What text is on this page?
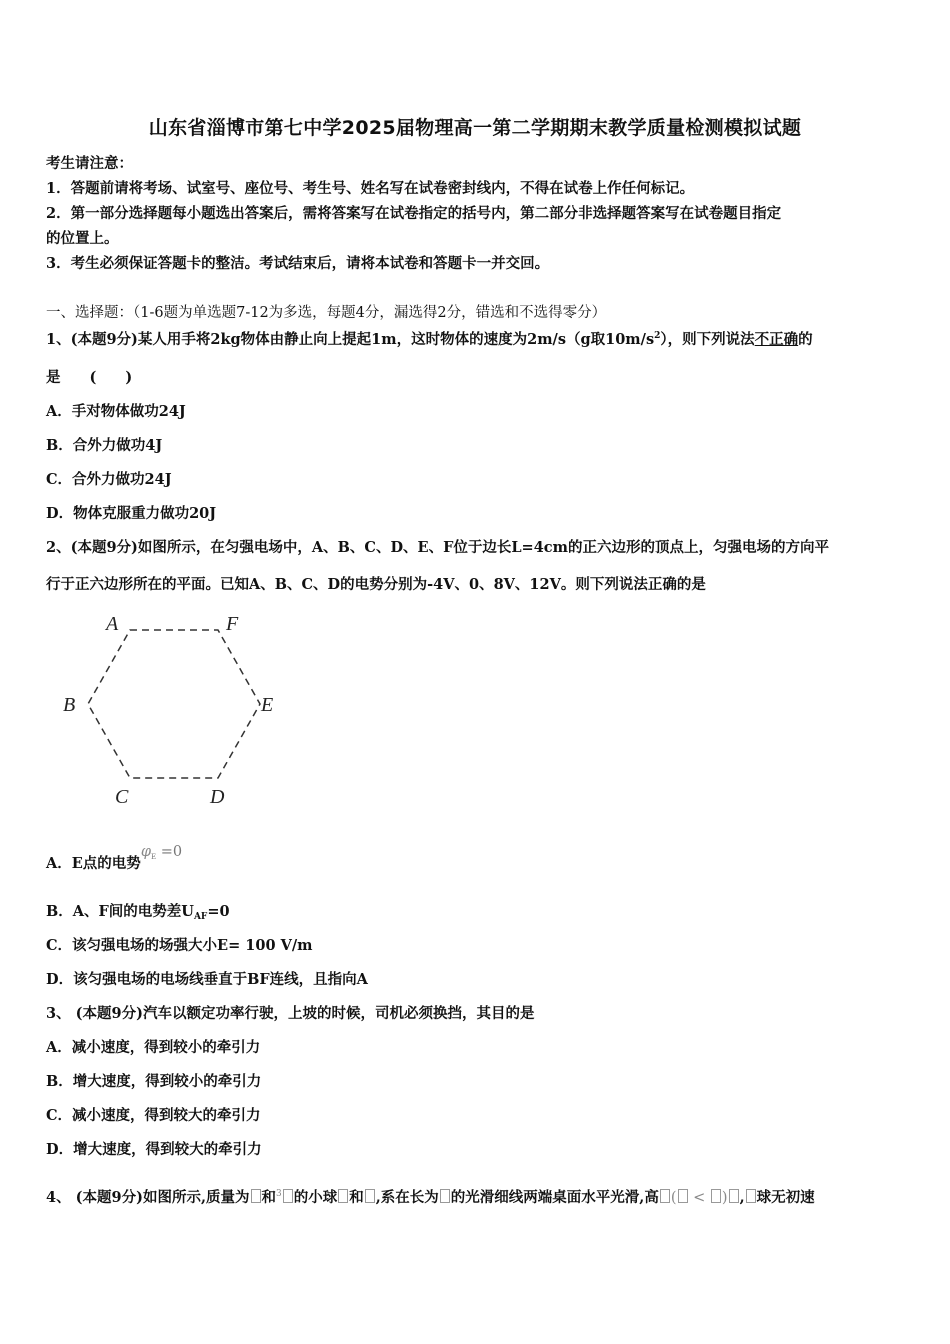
山东省淄博市第七中学2025届物理高一第二学期期末教学质量检测模拟试题
考生请注意：
1．答题前请将考场、试室号、座位号、考生号、姓名写在试卷密封线内，不得在试卷上作任何标记。
2．第一部分选择题每小题选出答案后，需将答案写在试卷指定的括号内，第二部分非选择题答案写在试卷题目指定
的位置上。
3．考生必须保证答题卡的整洁。考试结束后，请将本试卷和答题卡一并交回。
一、选择题：（1-6题为单选题7-12为多选，每题4分，漏选得2分，错选和不选得零分）
1、(本题9分)某人用手将2kg物体由静止向上提起1m，这时物体的速度为2m/s（g取$10m/s^2$），则下列说法不正确的
是　　(　　)
A．手对物体做功24J
B．合外力做功4J
C．合外力做功24J
D．物体克服重力做功20J
2、(本题9分)如图所示，在匀强电场中，A、B、C、D、E、F位于边长L=4cm的正六边形的顶点上，匀强电场的方向平
行于正六边形所在的平面。已知A、B、C、D的电势分别为-4V、0、8V、12V。则下列说法正确的是
A	F
B	E
C	D
A．E点的电势$\varphi_E =0$
B．A、F间的电势差$U_{AF}=0$
C．该匀强电场的场强大小E= 100 V/m
D．该匀强电场的电场线垂直于BF连线，且指向A
3、 (本题9分)汽车以额定功率行驶，上坡的时候，司机必须换挡，其目的是
A．减小速度，得到较小的牵引力
B．增大速度，得到较小的牵引力
C．减小速度，得到较大的牵引力
D．增大速度，得到较大的牵引力
4、 (本题9分)如图所示,质量为 和$^3$ 的小球 和 ,系在长为 的光滑细线两端桌面水平光滑,高 ( < ) , 球无初速
